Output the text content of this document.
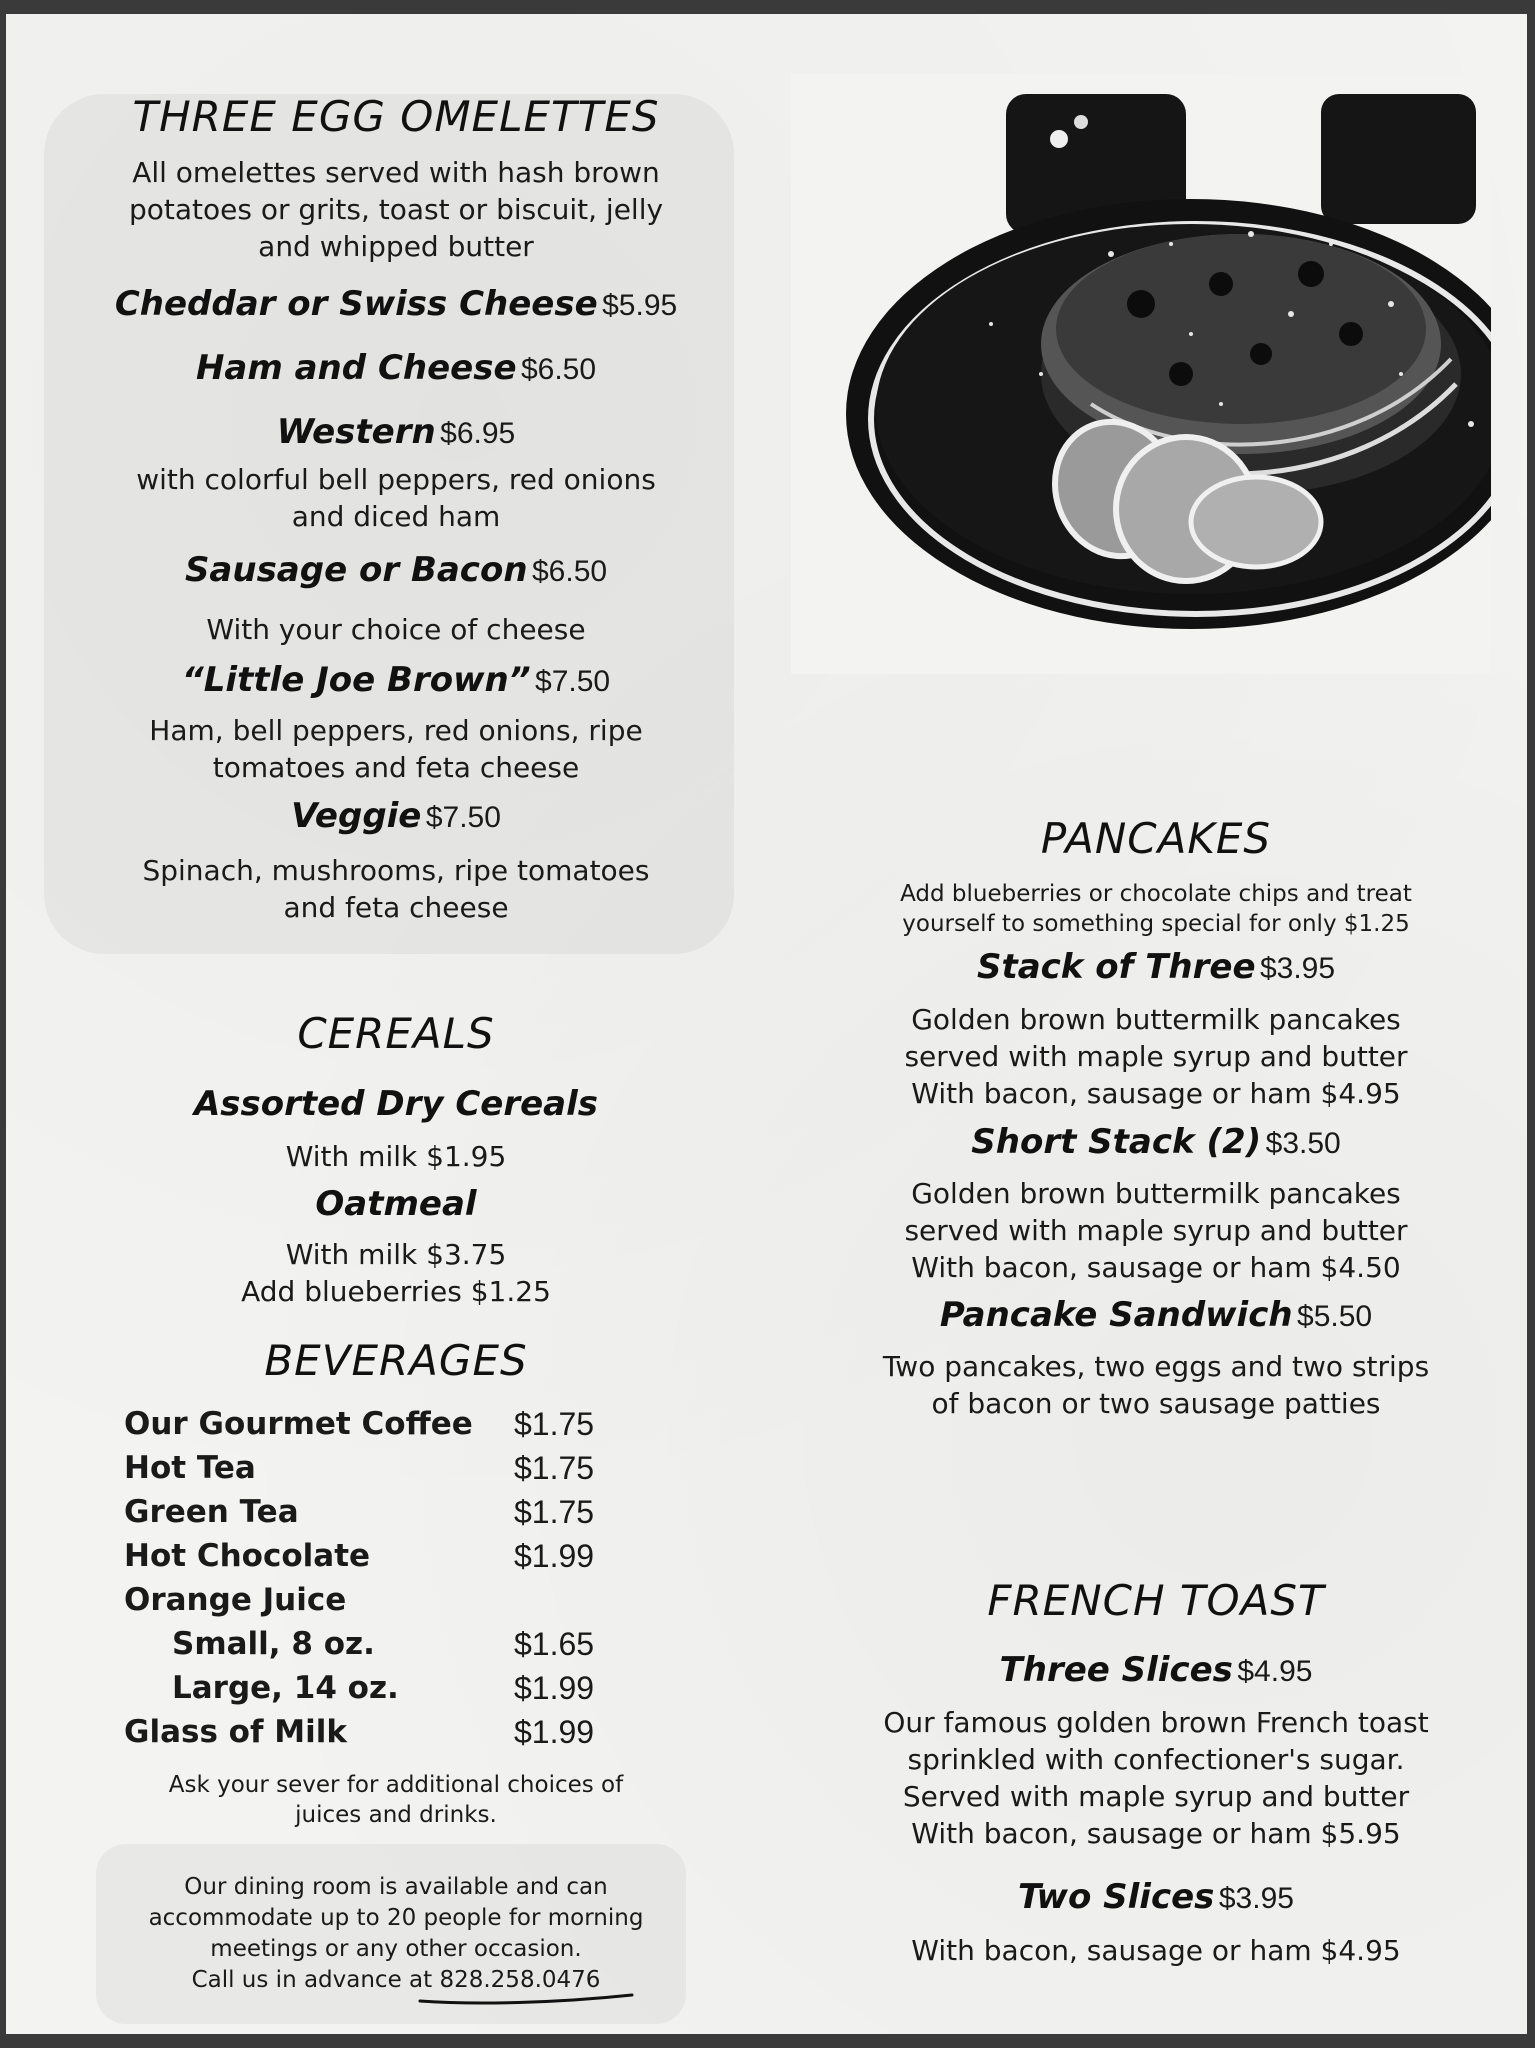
THREE EGG OMELETTES
All omelettes served with hash brown
potatoes or grits, toast or biscuit, jelly
and whipped butter
Cheddar or Swiss Cheese $5.95
Ham and Cheese $6.50
Western $6.95
with colorful bell peppers, red onions
and diced ham
Sausage or Bacon $6.50
With your choice of cheese
“Little Joe Brown” $7.50
Ham, bell peppers, red onions, ripe
tomatoes and feta cheese
Veggie $7.50
Spinach, mushrooms, ripe tomatoes
and feta cheese
CEREALS
Assorted Dry Cereals
With milk $1.95
Oatmeal
With milk $3.75
Add blueberries $1.25
BEVERAGES
Our Gourmet Coffee $1.75
Hot Tea	$1.75
Green Tea	$1.75
Hot Chocolate	$1.99
Orange Juice
Small, 8 oz.	$1.65
Large, 14 oz.	$1.99
Glass of Milk	$1.99
Ask your sever for additional choices of
juices and drinks.
Our dining room is available and can
accommodate up to 20 people for morning
meetings or any other occasion.
Call us in advance at 828.258.0476
PANCAKES
Add blueberries or chocolate chips and treat
yourself to something special for only $1.25
Stack of Three $3.95
Golden brown buttermilk pancakes
served with maple syrup and butter
With bacon, sausage or ham $4.95
Short Stack (2) $3.50
Golden brown buttermilk pancakes
served with maple syrup and butter
With bacon, sausage or ham $4.50
Pancake Sandwich $5.50
Two pancakes, two eggs and two strips
of bacon or two sausage patties
FRENCH TOAST
Three Slices $4.95
Our famous golden brown French toast
sprinkled with confectioner's sugar.
Served with maple syrup and butter
With bacon, sausage or ham $5.95
Two Slices $3.95
With bacon, sausage or ham $4.95
